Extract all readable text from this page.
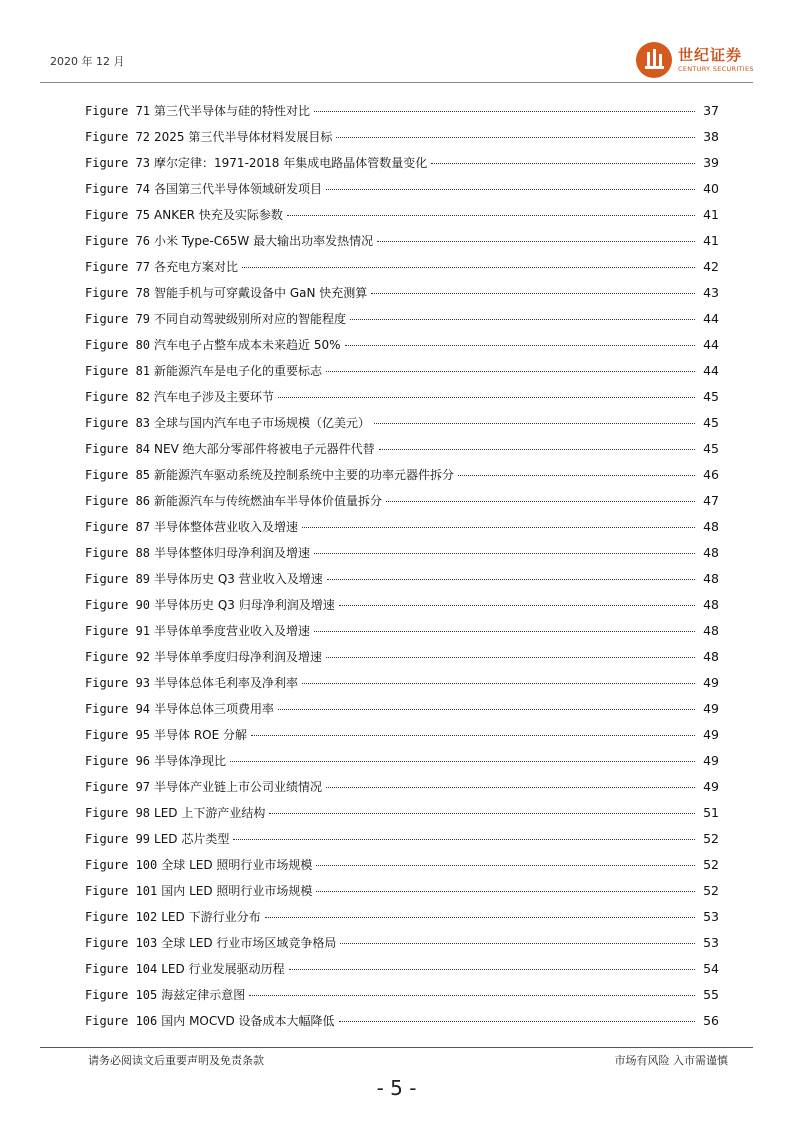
2020 年 12 月	世纪证券
CENTURY SECURITIES
Figure 71 第三代半导体与硅的特性对比	37
Figure 72 2025 第三代半导体材料发展目标	38
Figure 73 摩尔定律：1971-2018 年集成电路晶体管数量变化	39
Figure 74 各国第三代半导体领域研发项目	40
Figure 75 ANKER 快充及实际参数	41
Figure 76 小米 Type-C65W 最大输出功率发热情况	41
Figure 77 各充电方案对比	42
Figure 78 智能手机与可穿戴设备中 GaN 快充测算	43
Figure 79 不同自动驾驶级别所对应的智能程度	44
Figure 80 汽车电子占整车成本未来趋近 50%	44
Figure 81 新能源汽车是电子化的重要标志	44
Figure 82 汽车电子涉及主要环节	45
Figure 83 全球与国内汽车电子市场规模（亿美元）	45
Figure 84 NEV 绝大部分零部件将被电子元器件代替	45
Figure 85 新能源汽车驱动系统及控制系统中主要的功率元器件拆分	46
Figure 86 新能源汽车与传统燃油车半导体价值量拆分	47
Figure 87 半导体整体营业收入及增速	48
Figure 88 半导体整体归母净利润及增速	48
Figure 89 半导体历史 Q3 营业收入及增速	48
Figure 90 半导体历史 Q3 归母净利润及增速	48
Figure 91 半导体单季度营业收入及增速	48
Figure 92 半导体单季度归母净利润及增速	48
Figure 93 半导体总体毛利率及净利率	49
Figure 94 半导体总体三项费用率	49
Figure 95 半导体 ROE 分解	49
Figure 96 半导体净现比	49
Figure 97 半导体产业链上市公司业绩情况	49
Figure 98 LED 上下游产业结构	51
Figure 99 LED 芯片类型	52
Figure 100 全球 LED 照明行业市场规模	52
Figure 101 国内 LED 照明行业市场规模	52
Figure 102 LED 下游行业分布	53
Figure 103 全球 LED 行业市场区域竞争格局	53
Figure 104 LED 行业发展驱动历程	54
Figure 105 海兹定律示意图	55
Figure 106 国内 MOCVD 设备成本大幅降低	56
请务必阅读文后重要声明及免责条款	市场有风险 入市需谨慎
- 5 -
